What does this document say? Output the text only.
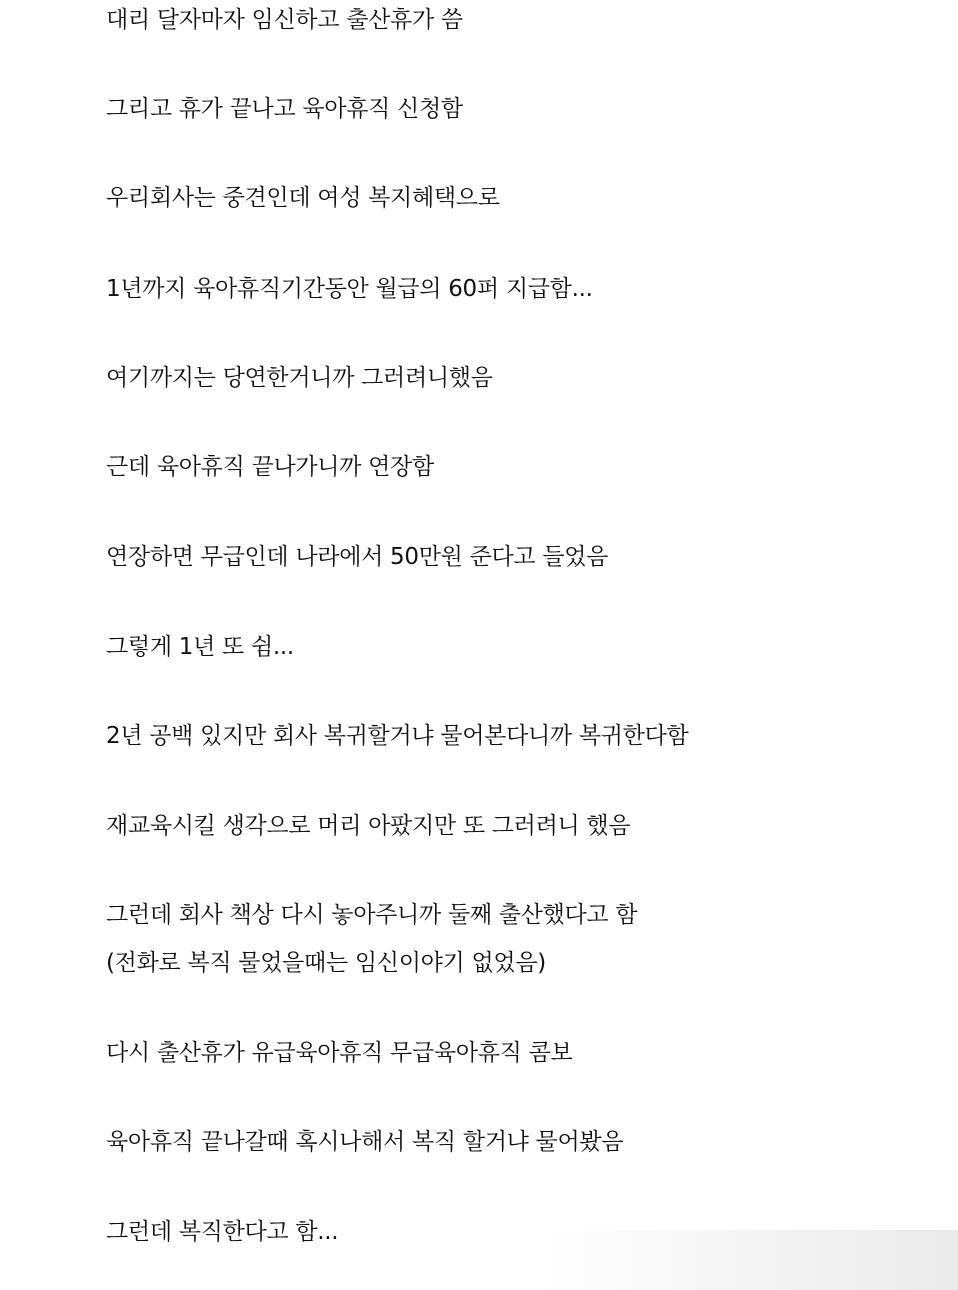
대리 달자마자 임신하고 출산휴가 씀
그리고 휴가 끝나고 육아휴직 신청함
우리회사는 중견인데 여성 복지혜택으로
1년까지 육아휴직기간동안 월급의 60퍼 지급함...
여기까지는 당연한거니까 그러려니했음
근데 육아휴직 끝나가니까 연장함
연장하면 무급인데 나라에서 50만원 준다고 들었음
그렇게 1년 또 쉼...
2년 공백 있지만 회사 복귀할거냐 물어본다니까 복귀한다함
재교육시킬 생각으로 머리 아팠지만 또 그러려니 했음
그런데 회사 책상 다시 놓아주니까 둘째 출산했다고 함
(전화로 복직 물었을때는 임신이야기 없었음)
다시 출산휴가 유급육아휴직 무급육아휴직 콤보
육아휴직 끝나갈때 혹시나해서 복직 할거냐 물어봤음
그런데 복직한다고 함...
